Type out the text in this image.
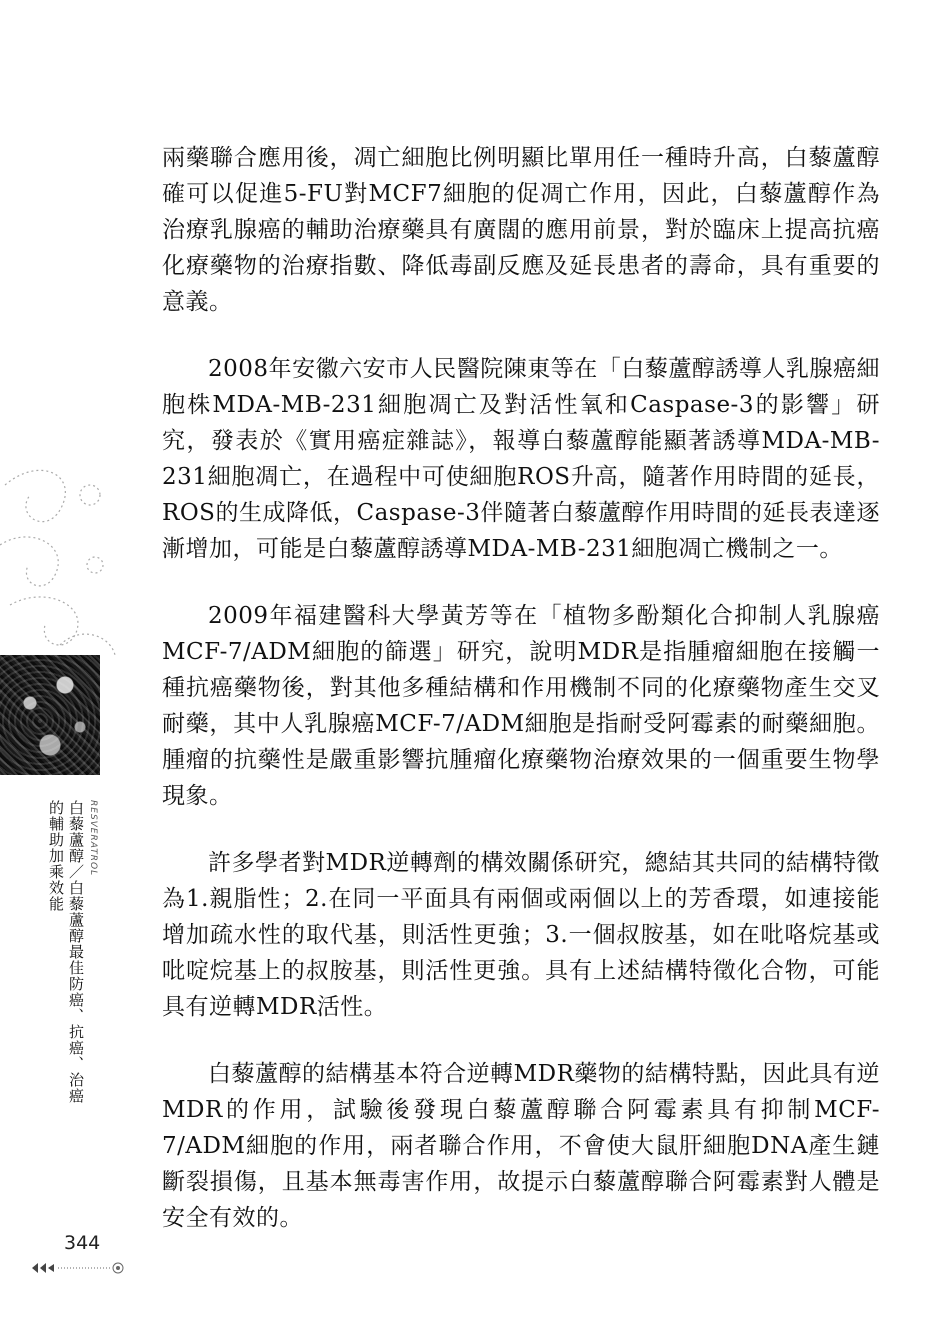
RESVERATROL
白藜蘆醇／白藜蘆醇最佳防癌、抗癌、治癌
的輔助加乘效能

兩藥聯合應用後，凋亡細胞比例明顯比單用任一種時升高，白藜蘆醇確可以促進5-FU對MCF7細胞的促凋亡作用，因此，白藜蘆醇作為治療乳腺癌的輔助治療藥具有廣闊的應用前景，對於臨床上提高抗癌化療藥物的治療指數、降低毒副反應及延長患者的壽命，具有重要的意義。

2008年安徽六安市人民醫院陳東等在「白藜蘆醇誘導人乳腺癌細胞株MDA-MB-231細胞凋亡及對活性氧和Caspase-3的影響」研究，發表於《實用癌症雜誌》，報導白藜蘆醇能顯著誘導MDA-MB-231細胞凋亡，在過程中可使細胞ROS升高，隨著作用時間的延長，ROS的生成降低，Caspase-3伴隨著白藜蘆醇作用時間的延長表達逐漸增加，可能是白藜蘆醇誘導MDA-MB-231細胞凋亡機制之一。

2009年福建醫科大學黃芳等在「植物多酚類化合抑制人乳腺癌MCF-7/ADM細胞的篩選」研究，說明MDR是指腫瘤細胞在接觸一種抗癌藥物後，對其他多種結構和作用機制不同的化療藥物產生交叉耐藥，其中人乳腺癌MCF-7/ADM細胞是指耐受阿霉素的耐藥細胞。腫瘤的抗藥性是嚴重影響抗腫瘤化療藥物治療效果的一個重要生物學現象。

許多學者對MDR逆轉劑的構效關係研究，總結其共同的結構特徵為1.親脂性；2.在同一平面具有兩個或兩個以上的芳香環，如連接能增加疏水性的取代基，則活性更強；3.一個叔胺基，如在吡咯烷基或吡啶烷基上的叔胺基，則活性更強。具有上述結構特徵化合物，可能具有逆轉MDR活性。

白藜蘆醇的結構基本符合逆轉MDR藥物的結構特點，因此具有逆MDR的作用，試驗後發現白藜蘆醇聯合阿霉素具有抑制MCF-7/ADM細胞的作用，兩者聯合作用，不會使大鼠肝細胞DNA產生鏈斷裂損傷，且基本無毒害作用，故提示白藜蘆醇聯合阿霉素對人體是安全有效的。

344
